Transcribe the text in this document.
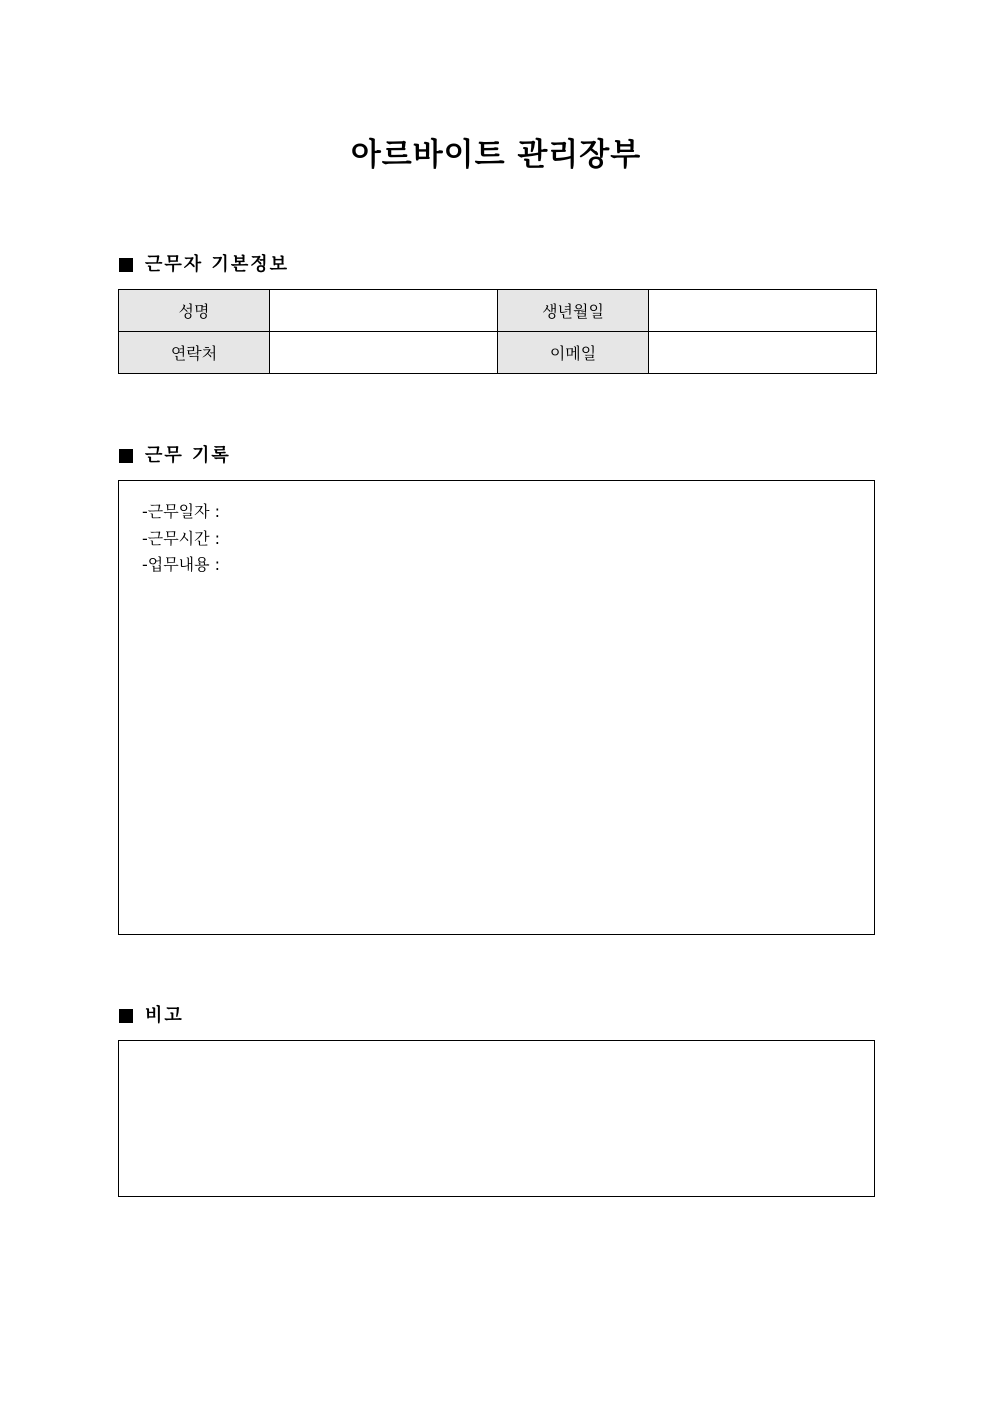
아르바이트 관리장부
근무자 기본정보
성명		생년월일	
연락처		이메일	
근무 기록
-근무일자 :
-근무시간 :
-업무내용 :
비고
